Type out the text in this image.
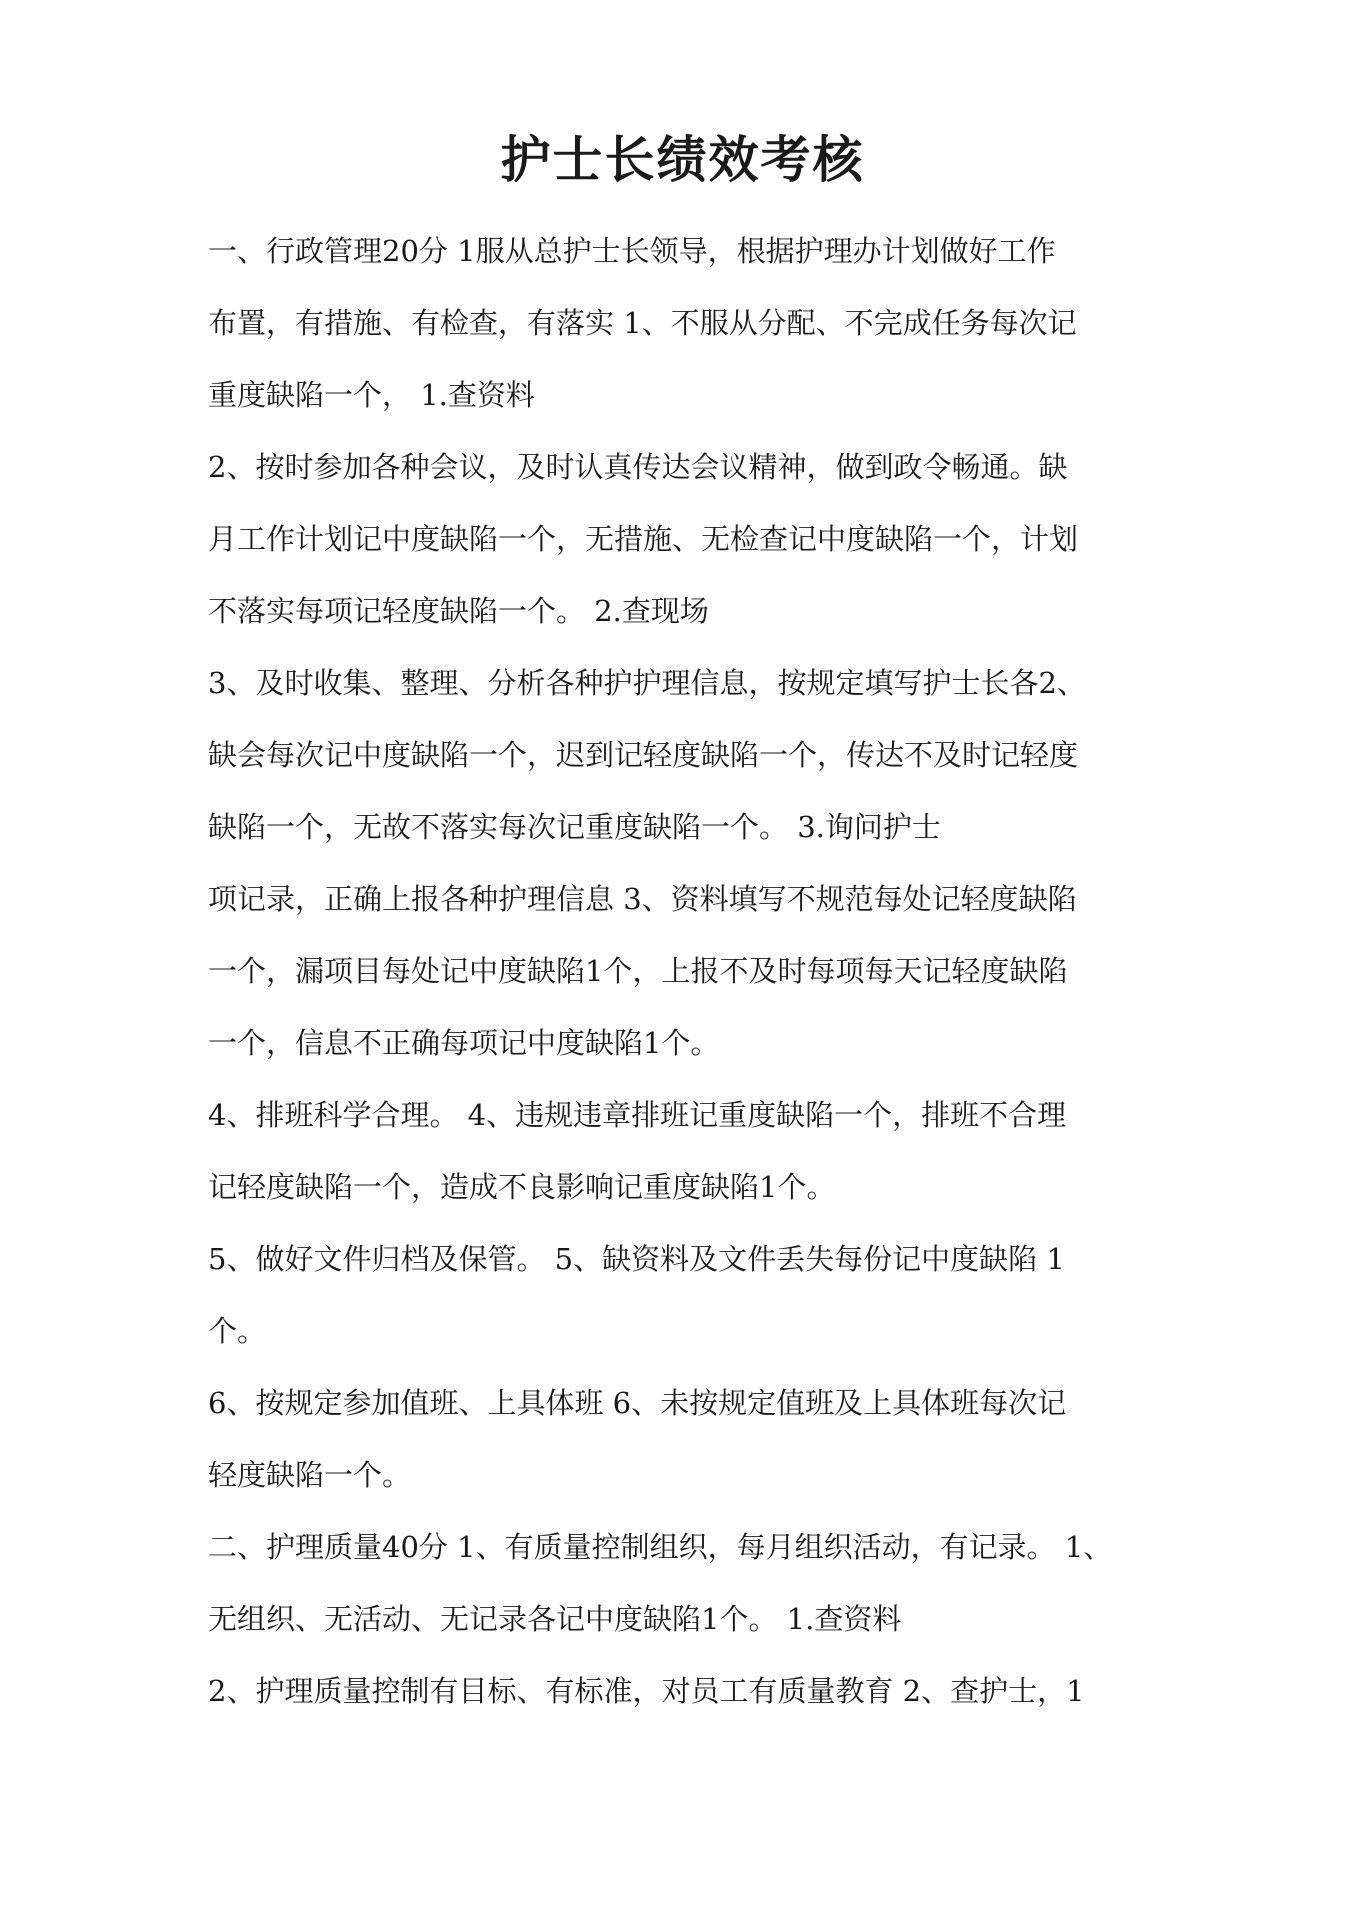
护士长绩效考核
一、行政管理20分 1服从总护士长领导，根据护理办计划做好工作
布置，有措施、有检查，有落实 1、不服从分配、不完成任务每次记
重度缺陷一个， 1.查资料
2、按时参加各种会议，及时认真传达会议精神，做到政令畅通。缺
月工作计划记中度缺陷一个，无措施、无检查记中度缺陷一个，计划
不落实每项记轻度缺陷一个。 2.查现场
3、及时收集、整理、分析各种护护理信息，按规定填写护士长各2、
缺会每次记中度缺陷一个，迟到记轻度缺陷一个，传达不及时记轻度
缺陷一个，无故不落实每次记重度缺陷一个。 3.询问护士
项记录，正确上报各种护理信息 3、资料填写不规范每处记轻度缺陷
一个，漏项目每处记中度缺陷1个，上报不及时每项每天记轻度缺陷
一个，信息不正确每项记中度缺陷1个。
4、排班科学合理。 4、违规违章排班记重度缺陷一个，排班不合理
记轻度缺陷一个，造成不良影响记重度缺陷1个。
5、做好文件归档及保管。 5、缺资料及文件丢失每份记中度缺陷 1
个。
6、按规定参加值班、上具体班 6、未按规定值班及上具体班每次记
轻度缺陷一个。
二、护理质量40分 1、有质量控制组织，每月组织活动，有记录。 1、
无组织、无活动、无记录各记中度缺陷1个。 1.查资料
2、护理质量控制有目标、有标准，对员工有质量教育 2、查护士，1
